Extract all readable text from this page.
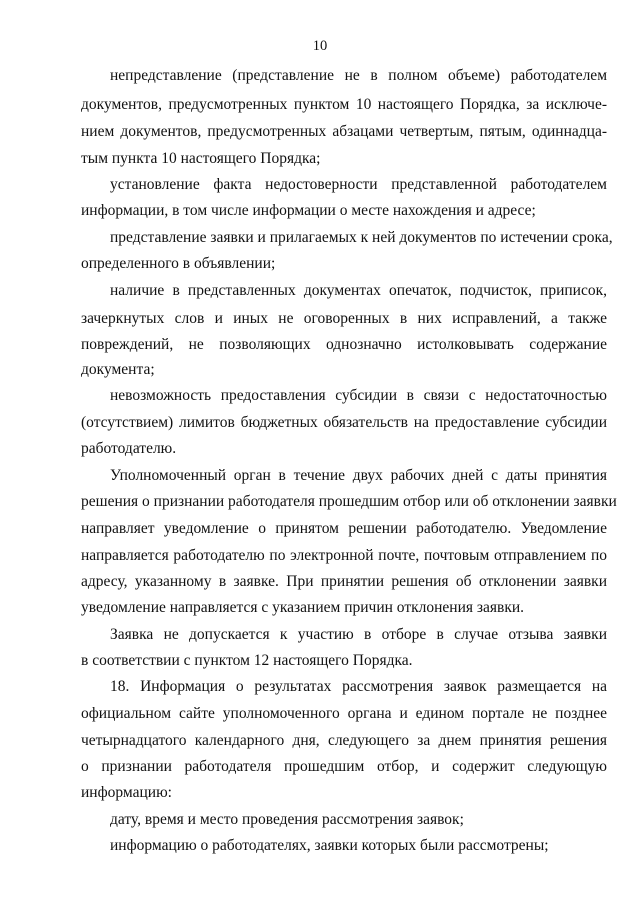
10
непредставление (представление не в полном объеме) работодателем
документов, предусмотренных пунктом 10 настоящего Порядка, за исключе-
нием документов, предусмотренных абзацами четвертым, пятым, одиннадца-
тым пункта 10 настоящего Порядка;
установление факта недостоверности представленной работодателем
информации, в том числе информации о месте нахождения и адресе;
представление заявки и прилагаемых к ней документов по истечении срока,
определенного в объявлении;
наличие в представленных документах опечаток, подчисток, приписок,
зачеркнутых слов и иных не оговоренных в них исправлений, а также
повреждений, не позволяющих однозначно истолковывать содержание
документа;
невозможность предоставления субсидии в связи с недостаточностью
(отсутствием) лимитов бюджетных обязательств на предоставление субсидии
работодателю.
Уполномоченный орган в течение двух рабочих дней с даты принятия
решения о признании работодателя прошедшим отбор или об отклонении заявки
направляет уведомление о принятом решении работодателю. Уведомление
направляется работодателю по электронной почте, почтовым отправлением по
адресу, указанному в заявке. При принятии решения об отклонении заявки
уведомление направляется с указанием причин отклонения заявки.
Заявка не допускается к участию в отборе в случае отзыва заявки
в соответствии с пунктом 12 настоящего Порядка.
18. Информация о результатах рассмотрения заявок размещается на
официальном сайте уполномоченного органа и едином портале не позднее
четырнадцатого календарного дня, следующего за днем принятия решения
о признании работодателя прошедшим отбор, и содержит следующую
информацию:
дату, время и место проведения рассмотрения заявок;
информацию о работодателях, заявки которых были рассмотрены;
